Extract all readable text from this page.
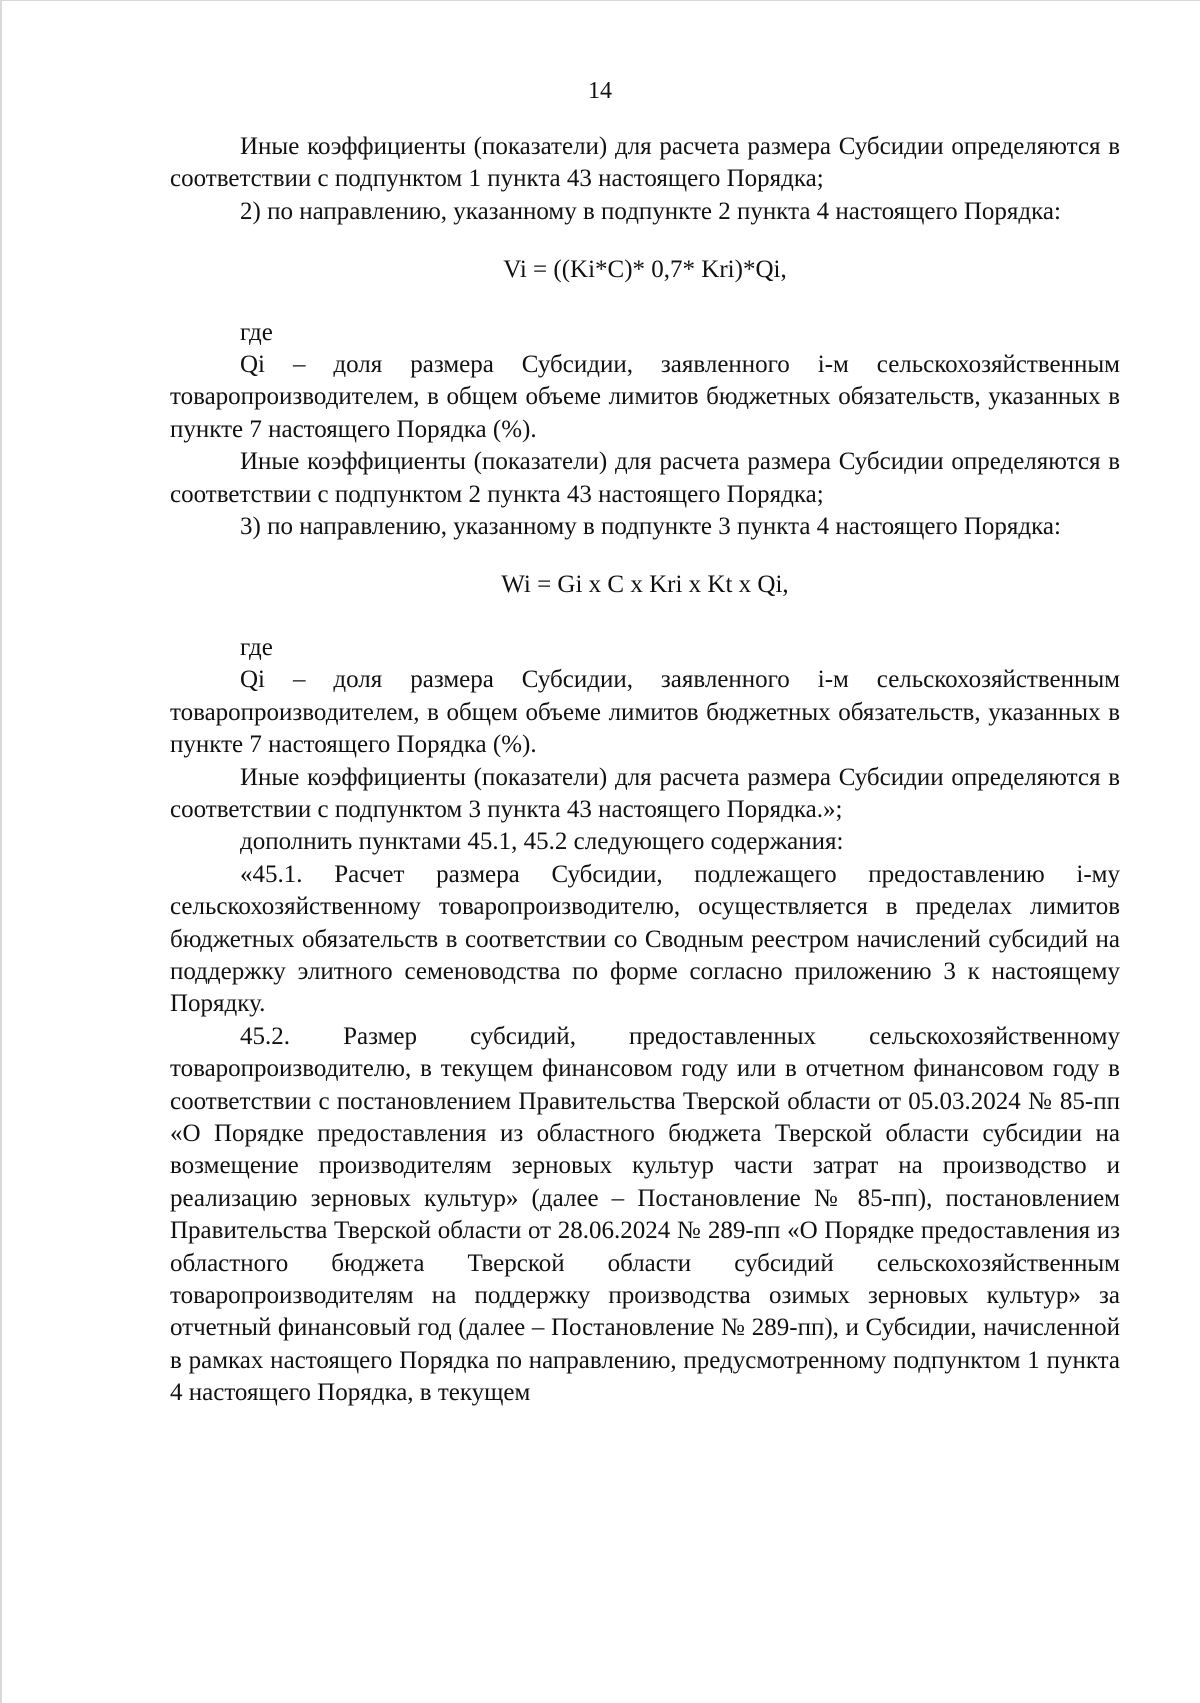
14

Иные коэффициенты (показатели) для расчета размера Субсидии определяются в соответствии с подпунктом 1 пункта 43 настоящего Порядка;

2) по направлению, указанному в подпункте 2 пункта 4 настоящего Порядка:

Vi = ((Ki*C)* 0,7* Kri)*Qi,

где

Qi – доля размера Субсидии, заявленного i-м сельскохозяйственным товаропроизводителем, в общем объеме лимитов бюджетных обязательств, указанных в пункте 7 настоящего Порядка (%).

Иные коэффициенты (показатели) для расчета размера Субсидии определяются в соответствии с подпунктом 2 пункта 43 настоящего Порядка;

3) по направлению, указанному в подпункте 3 пункта 4 настоящего Порядка:

Wi = Gi x C x Kri x Kt x Qi,

где

Qi – доля размера Субсидии, заявленного i-м сельскохозяйственным товаропроизводителем, в общем объеме лимитов бюджетных обязательств, указанных в пункте 7 настоящего Порядка (%).

Иные коэффициенты (показатели) для расчета размера Субсидии определяются в соответствии с подпунктом 3 пункта 43 настоящего Порядка.»;

дополнить пунктами 45.1, 45.2 следующего содержания:

«45.1. Расчет размера Субсидии, подлежащего предоставлению i-му сельскохозяйственному товаропроизводителю, осуществляется в пределах лимитов бюджетных обязательств в соответствии со Сводным реестром начислений субсидий на поддержку элитного семеноводства по форме согласно приложению 3 к настоящему Порядку.

45.2. Размер субсидий, предоставленных сельскохозяйственному товаропроизводителю, в текущем финансовом году или в отчетном финансовом году в соответствии с постановлением Правительства Тверской области от 05.03.2024 № 85-пп «О Порядке предоставления из областного бюджета Тверской области субсидии на возмещение производителям зерновых культур части затрат на производство и реализацию зерновых культур» (далее – Постановление № 85-пп), постановлением Правительства Тверской области от 28.06.2024 № 289-пп «О Порядке предоставления из областного бюджета Тверской области субсидий сельскохозяйственным товаропроизводителям на поддержку производства озимых зерновых культур» за отчетный финансовый год (далее – Постановление № 289-пп), и Субсидии, начисленной в рамках настоящего Порядка по направлению, предусмотренному подпунктом 1 пункта 4 настоящего Порядка, в текущем
